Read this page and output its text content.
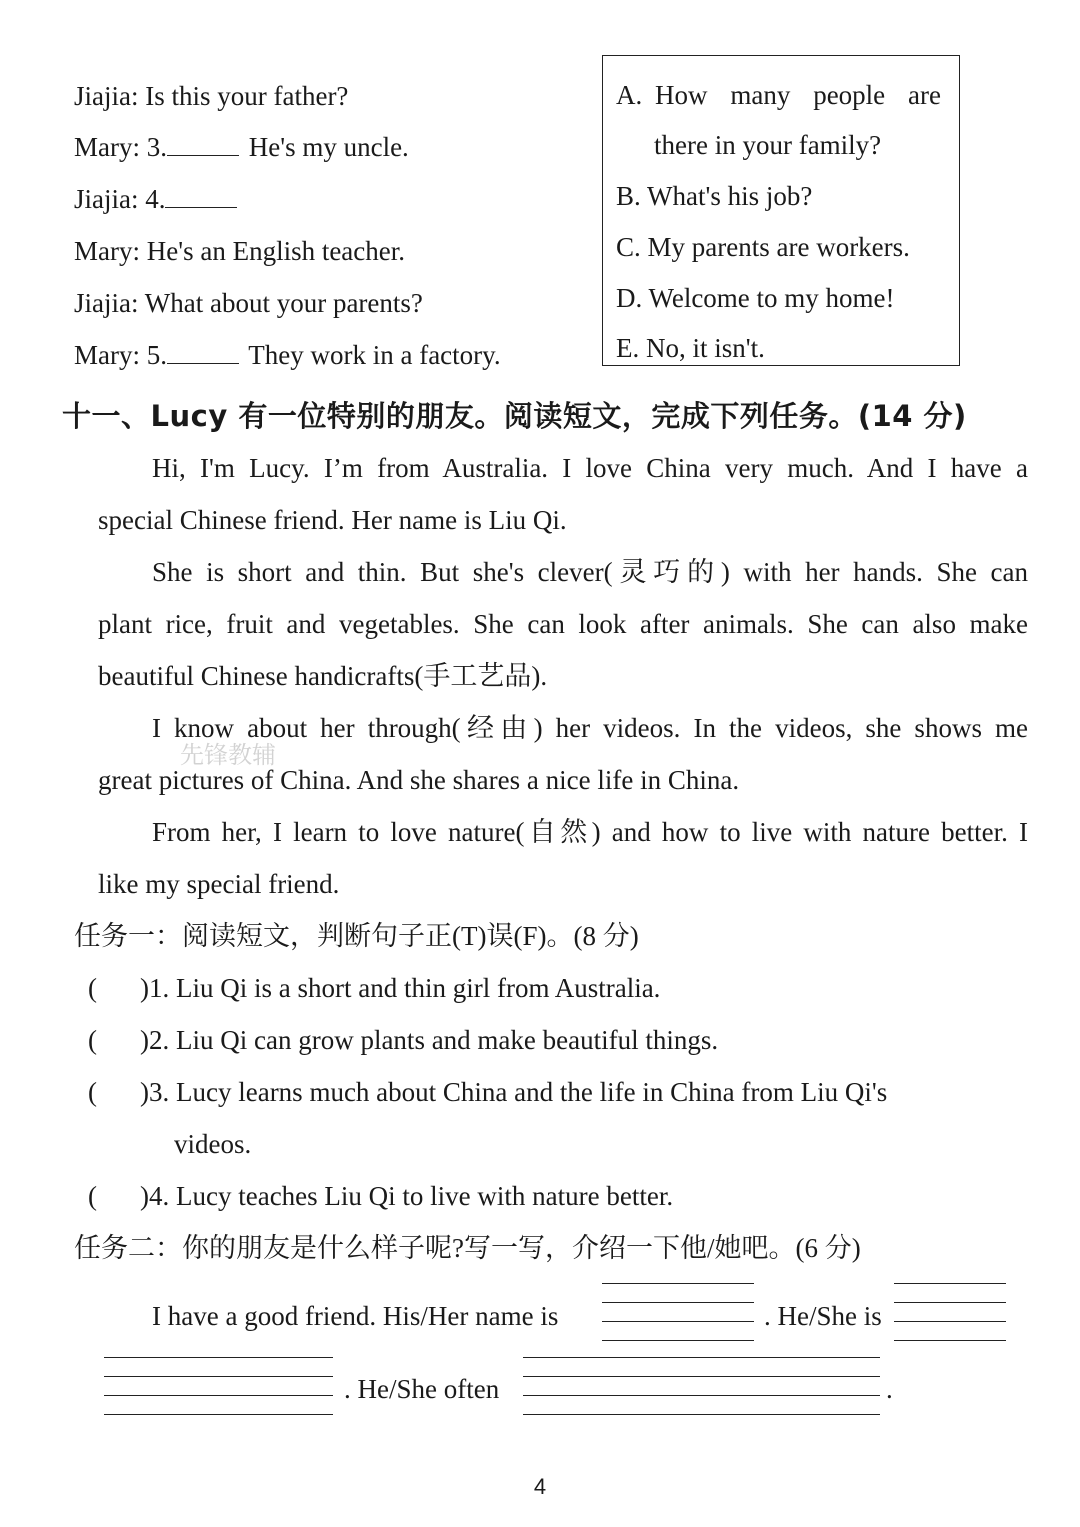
Jiajia: Is this your father?
Mary: 3.	He's my uncle.
Jiajia: 4.
Mary: He's an English teacher.
Jiajia: What about your parents?
Mary: 5.	They work in a factory.
A. How many people are
there in your family?
B. What's his job?
C. My parents are workers.
D. Welcome to my home!
E. No, it isn't.
十一、Lucy 有一位特别的朋友。阅读短文，完成下列任务。(14 分)
Hi, I'm Lucy. I’m from Australia. I love China very much. And I have a
special Chinese friend. Her name is Liu Qi.
She is short and thin. But she's clever(灵巧的) with her hands. She can
plant rice, fruit and vegetables. She can look after animals. She can also make
beautiful Chinese handicrafts(手工艺品).
I know about her through(经由) her videos. In the videos, she shows me
great pictures of China. And she shares a nice life in China.
From her, I learn to love nature(自然) and how to live with nature better. I
like my special friend.
先锋教辅
任务一：阅读短文，判断句子正(T)误(F)。(8 分)
( )1. Liu Qi is a short and thin girl from Australia.
( )2. Liu Qi can grow plants and make beautiful things.
( )3. Lucy learns much about China and the life in China from Liu Qi's
videos.
( )4. Lucy teaches Liu Qi to live with nature better.
任务二：你的朋友是什么样子呢?写一写，介绍一下他/她吧。(6 分)
I have a good friend. His/Her name is	. He/She is
. He/She often	.
4
